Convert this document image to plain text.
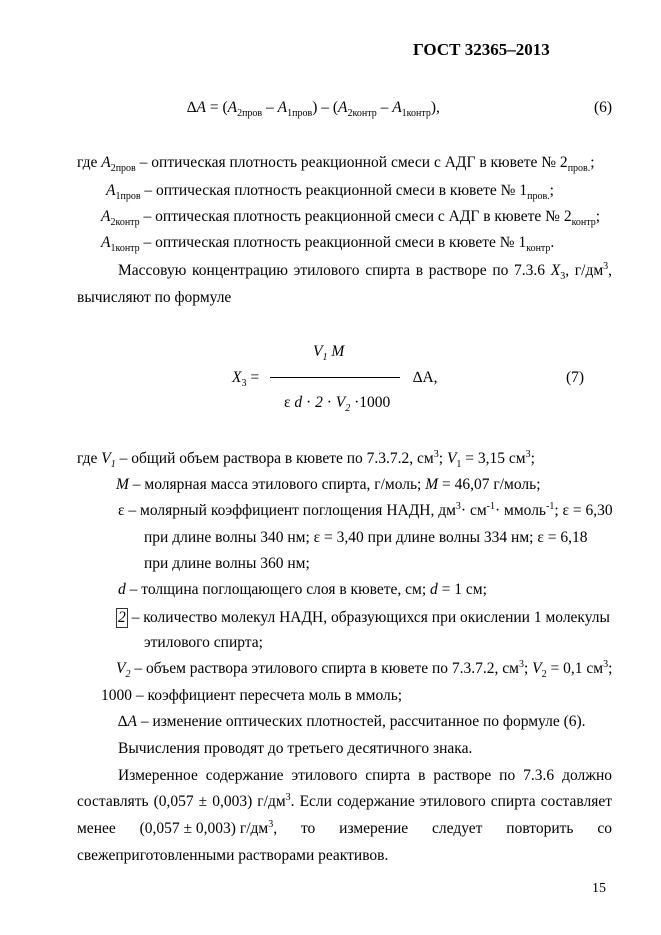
ГОСТ 32365–2013
$\Delta A = (A_{2пров} - A_{1пров}) - (A_{2контр} - A_{1контр})$,	(6)
где $A_{2пров}$ – оптическая плотность реакционной смеси с АДГ в кювете № $2_{пров.}$;
$A_{1пров}$ – оптическая плотность реакционной смеси в кювете № $1_{пров.}$;
$A_{2контр}$ – оптическая плотность реакционной смеси с АДГ в кювете № $2_{контр}$;
$A_{1контр}$ – оптическая плотность реакционной смеси в кювете № $1_{контр}$.
Массовую концентрацию этилового спирта в растворе по 7.3.6 $X_3$, $г/дм^3$,
вычисляют по формуле
$V_1$ M
$X_3$ =	∆A,	(7)
ε $d \cdot 2 \cdot V_2 \cdot 1000$
где $V_1$ – общий объем раствора в кювете по 7.3.7.2, $см^3$; $V_1 = 3,15$ $см^3$;
M – молярная масса этилового спирта, г/моль; M = 46,07 г/моль;
ε – молярный коэффициент поглощения НАДН, $дм^3\cdot см^{-1}\cdot$ ммоль$^{-1}$; ε = 6,30
при длине волны 340 нм; ε = 3,40 при длине волны 334 нм; ε = 6,18
при длине волны 360 нм;
d – толщина поглощающего слоя в кювете, см; d = 1 см;
2 – количество молекул НАДН, образующихся при окислении 1 молекулы
этилового спирта;
$V_2$ – объем раствора этилового спирта в кювете по 7.3.7.2, $см^3$; $V_2 = 0,1$ $см^3$;
1000 – коэффициент пересчета моль в ммоль;
∆A – изменение оптических плотностей, рассчитанное по формуле (6).
Вычисления проводят до третьего десятичного знака.
Измеренное содержание этилового спирта в растворе по 7.3.6 должно
составлять (0,057 ± 0,003) $г/дм^3$. Если содержание этилового спирта составляет
менее (0,057 ± 0,003) $г/дм^3$, то измерение следует повторить со
свежеприготовленными растворами реактивов.
15
